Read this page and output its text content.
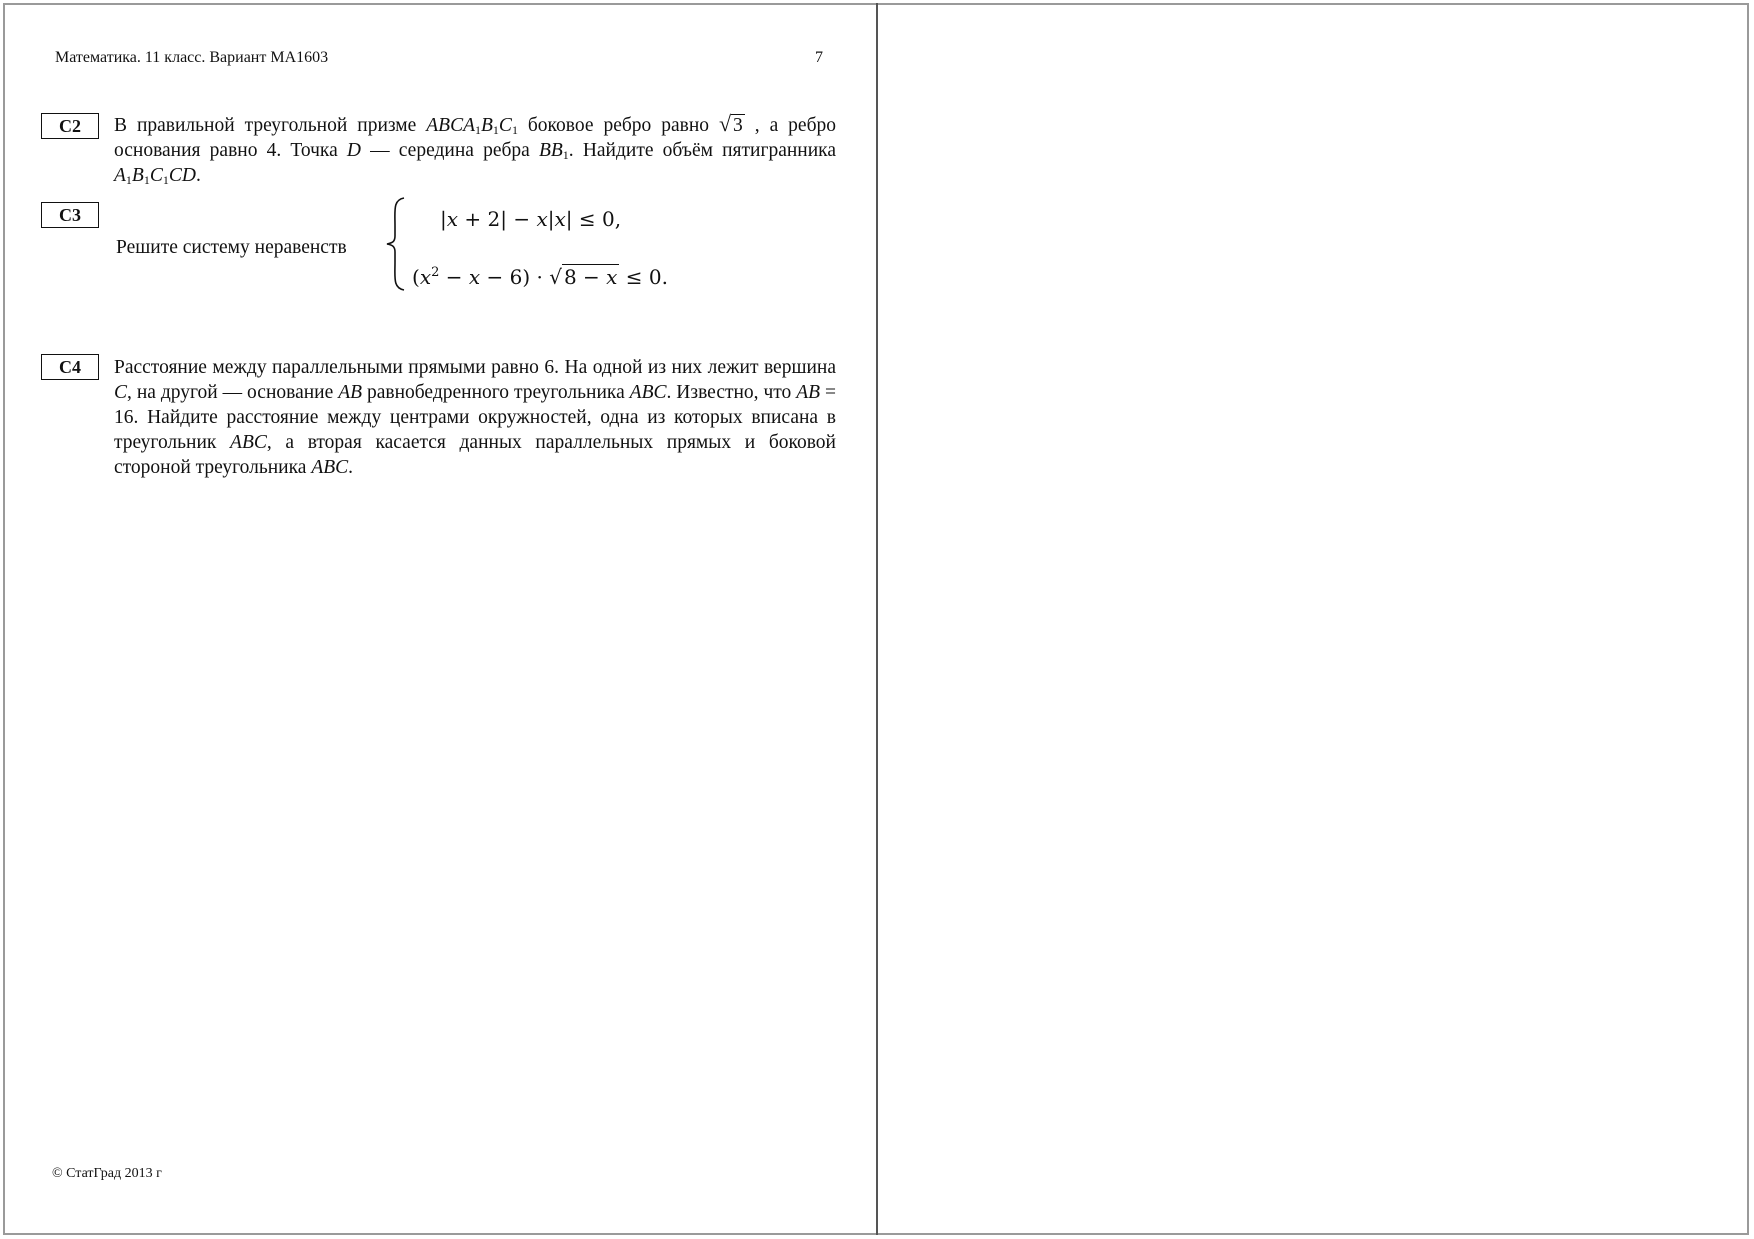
Математика. 11 класс. Вариант МА1603	7
С2	В правильной треугольной призме $ABCA_1B_1C_1$ боковое ребро равно √ 3 , а ребро основания равно 4. Точка D — середина ребра $BB_1$. Найдите объём пятигранника $A_1B_1C_1CD$.
С3
Решите систему неравенств
|x + 2| − x|x| ≤ 0,
$(x^2 - x - 6)$ · √ 8 − x ≤ 0.
С4	Расстояние между параллельными прямыми равно 6. На одной из них лежит вершина C, на другой — основание AB равнобедренного треугольника ABC. Известно, что AB = 16. Найдите расстояние между центрами окружностей, одна из которых вписана в треугольник ABC, а вторая касается данных параллельных прямых и боковой стороной треугольника ABC.
© СтатГрад 2013 г
